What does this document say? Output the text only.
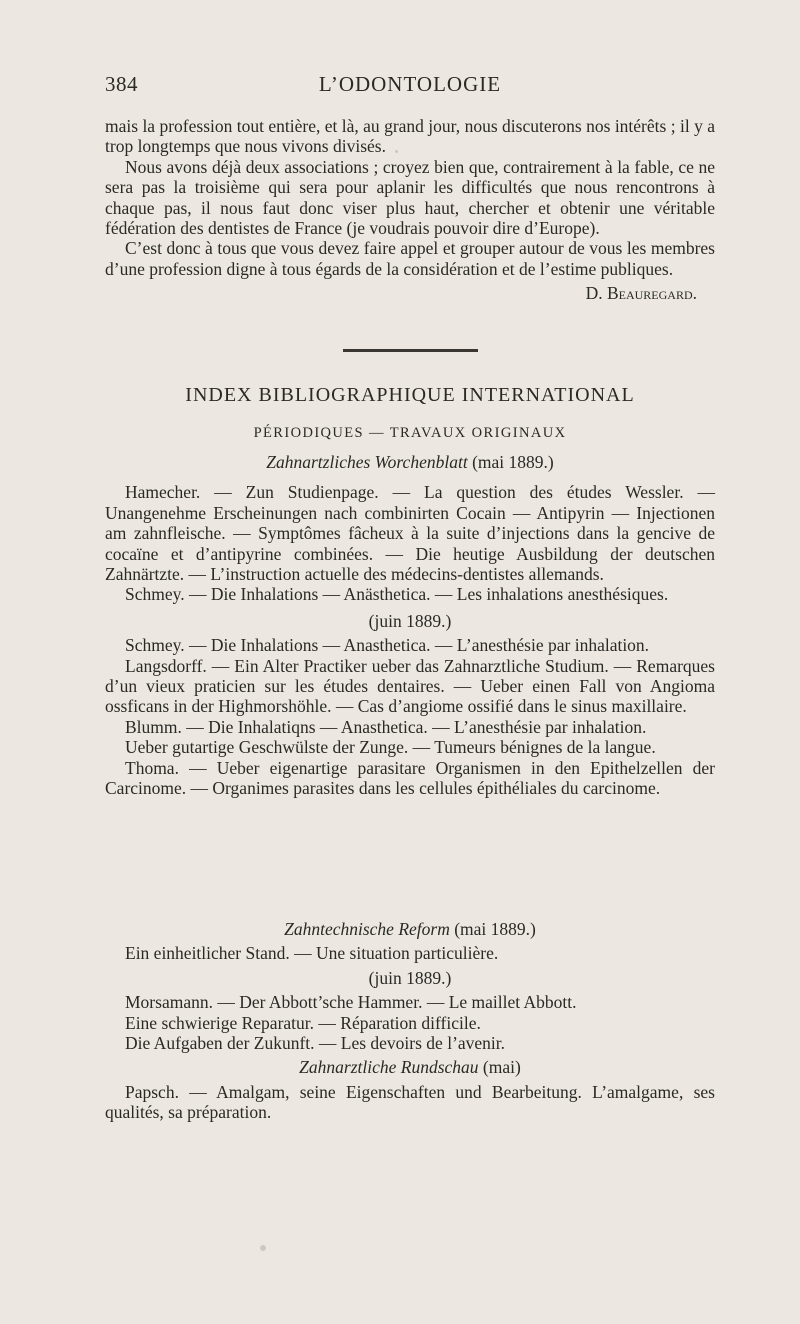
384	L’ODONTOLOGIE

mais la profession tout entière, et là, au grand jour, nous discuterons nos intérêts ; il y a trop longtemps que nous vivons divisés.

Nous avons déjà deux associations ; croyez bien que, contrairement à la fable, ce ne sera pas la troisième qui sera pour aplanir les difficultés que nous rencontrons à chaque pas, il nous faut donc viser plus haut, chercher et obtenir une véritable fédération des dentistes de France (je voudrais pouvoir dire d’Europe).

C’est donc à tous que vous devez faire appel et grouper autour de vous les membres d’une profession digne à tous égards de la considération et de l’estime publiques.

D. Beauregard.

INDEX BIBLIOGRAPHIQUE INTERNATIONAL
PÉRIODIQUES — TRAVAUX ORIGINAUX

Zahnartzliches Worchenblatt (mai 1889.)

Hamecher. — Zun Studienpage. — La question des études Wessler. — Unangenehme Erscheinungen nach combinirten Cocain — Antipyrin — Injectionen am zahnfleische. — Symptômes fâcheux à la suite d’injections dans la gencive de cocaïne et d’antipyrine combinées. — Die heutige Ausbildung der deutschen Zahnärtzte. — L’instruction actuelle des médecins-dentistes allemands.

Schmey. — Die Inhalations — Anästhetica. — Les inhalations anesthésiques.

(juin 1889.)

Schmey. — Die Inhalations — Anasthetica. — L’anesthésie par inhalation.

Langsdorff. — Ein Alter Practiker ueber das Zahnarztliche Studium. — Remarques d’un vieux praticien sur les études dentaires. — Ueber einen Fall von Angioma ossficans in der Highmorshöhle. — Cas d’angiome ossifié dans le sinus maxillaire.

Blumm. — Die Inhalatiqns — Anasthetica. — L’anesthésie par inhalation.

Ueber gutartige Geschwülste der Zunge. — Tumeurs bénignes de la langue.

Thoma. — Ueber eigenartige parasitare Organismen in den Epithelzellen der Carcinome. — Organimes parasites dans les cellules épithéliales du carcinome.

Zahntechnische Reform (mai 1889.)

Ein einheitlicher Stand. — Une situation particulière.

(juin 1889.)

Morsamann. — Der Abbott’sche Hammer. — Le maillet Abbott.

Eine schwierige Reparatur. — Réparation difficile.

Die Aufgaben der Zukunft. — Les devoirs de l’avenir.

Zahnarztliche Rundschau (mai)

Papsch. — Amalgam, seine Eigenschaften und Bearbeitung. L’amalgame, ses qualités, sa préparation.
